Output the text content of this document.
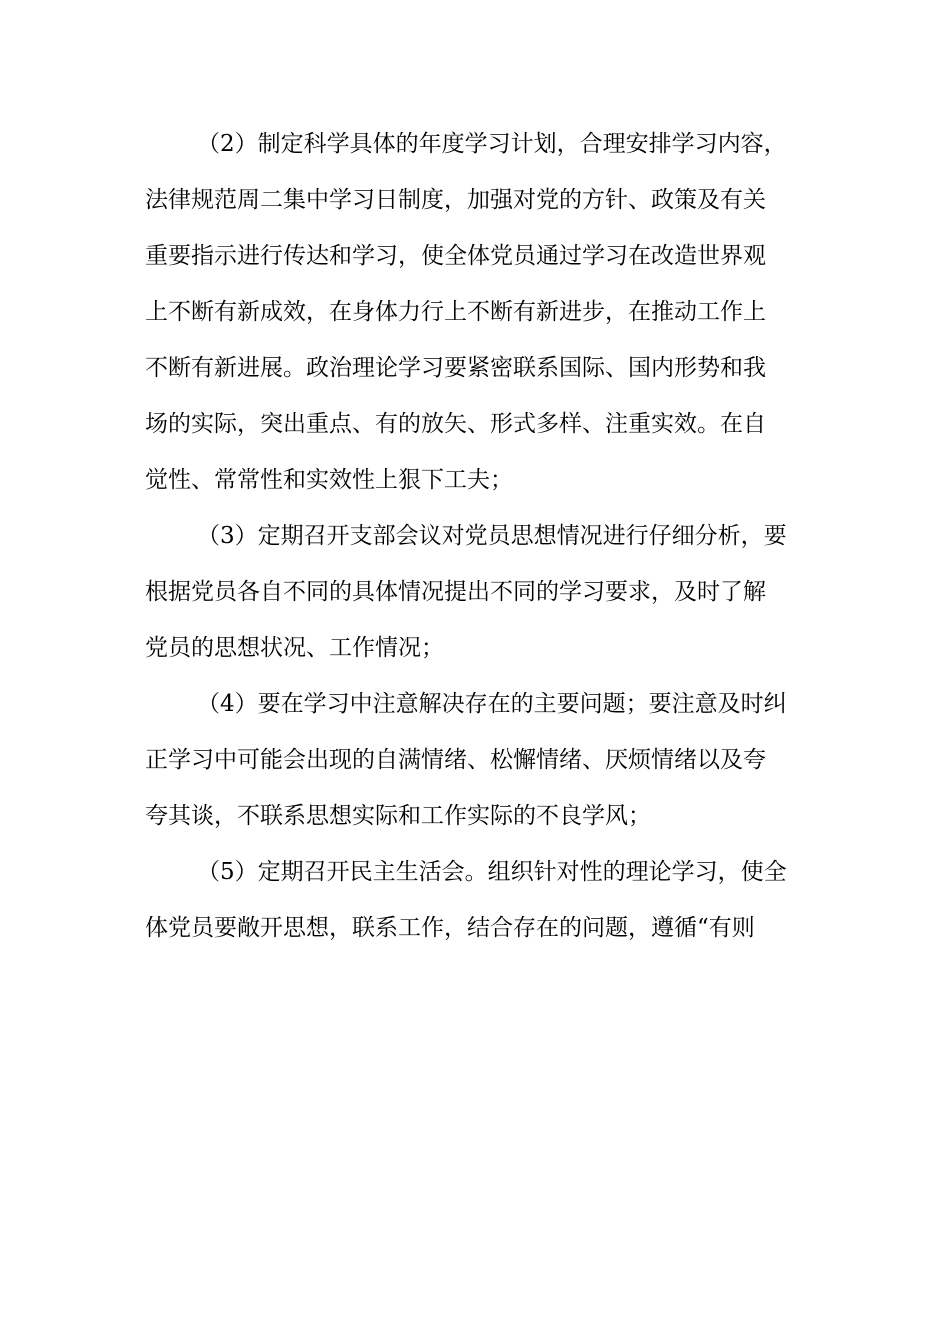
（2）制定科学具体的年度学习计划，合理安排学习内容，
法律规范周二集中学习日制度，加强对党的方针、政策及有关
重要指示进行传达和学习，使全体党员通过学习在改造世界观
上不断有新成效，在身体力行上不断有新进步，在推动工作上
不断有新进展。政治理论学习要紧密联系国际、国内形势和我
场的实际，突出重点、有的放矢、形式多样、注重实效。在自
觉性、常常性和实效性上狠下工夫；
（3）定期召开支部会议对党员思想情况进行仔细分析，要
根据党员各自不同的具体情况提出不同的学习要求，及时了解
党员的思想状况、工作情况；
（4）要在学习中注意解决存在的主要问题；要注意及时纠
正学习中可能会出现的自满情绪、松懈情绪、厌烦情绪以及夸
夸其谈，不联系思想实际和工作实际的不良学风；
（5）定期召开民主生活会。组织针对性的理论学习，使全
体党员要敞开思想，联系工作，结合存在的问题，遵循“有则
